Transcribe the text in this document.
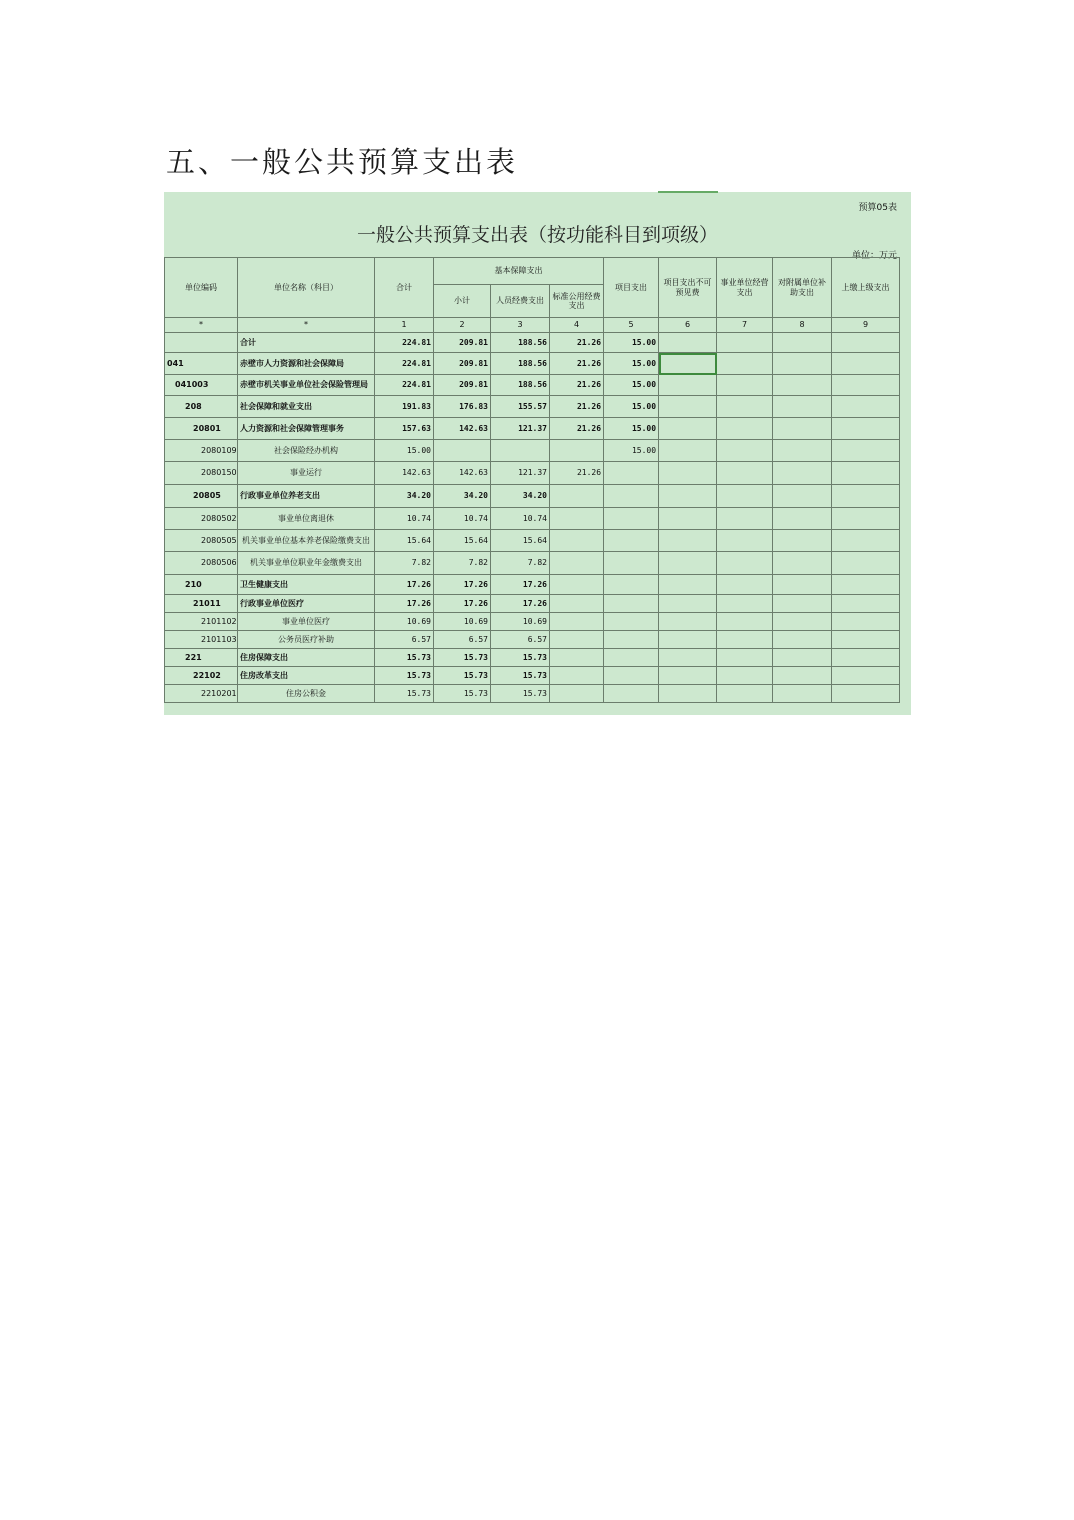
五、一般公共预算支出表
预算05表
一般公共预算支出表（按功能科目到项级）
单位：万元
单位编码	单位名称（科目）	合计	基本保障支出			项目支出	项目支出不可预见费	事业单位经营支出	对附属单位补助支出	上缴上级支出
			小计	人员经费支出	标准公用经费支出					
*	*	1	2	3	4	5	6	7	8	9
	合计	224.81	209.81	188.56	21.26	15.00				
041	赤壁市人力资源和社会保障局	224.81	209.81	188.56	21.26	15.00				
041003	赤壁市机关事业单位社会保险管理局	224.81	209.81	188.56	21.26	15.00				
208	社会保障和就业支出	191.83	176.83	155.57	21.26	15.00				
20801	人力资源和社会保障管理事务	157.63	142.63	121.37	21.26	15.00				
2080109	社会保险经办机构	15.00				15.00				
2080150	事业运行	142.63	142.63	121.37	21.26					
20805	行政事业单位养老支出	34.20	34.20	34.20						
2080502	事业单位离退休	10.74	10.74	10.74						
2080505	机关事业单位基本养老保险缴费支出	15.64	15.64	15.64						
2080506	机关事业单位职业年金缴费支出	7.82	7.82	7.82						
210	卫生健康支出	17.26	17.26	17.26						
21011	行政事业单位医疗	17.26	17.26	17.26						
2101102	事业单位医疗	10.69	10.69	10.69						
2101103	公务员医疗补助	6.57	6.57	6.57						
221	住房保障支出	15.73	15.73	15.73						
22102	住房改革支出	15.73	15.73	15.73						
2210201	住房公积金	15.73	15.73	15.73						
